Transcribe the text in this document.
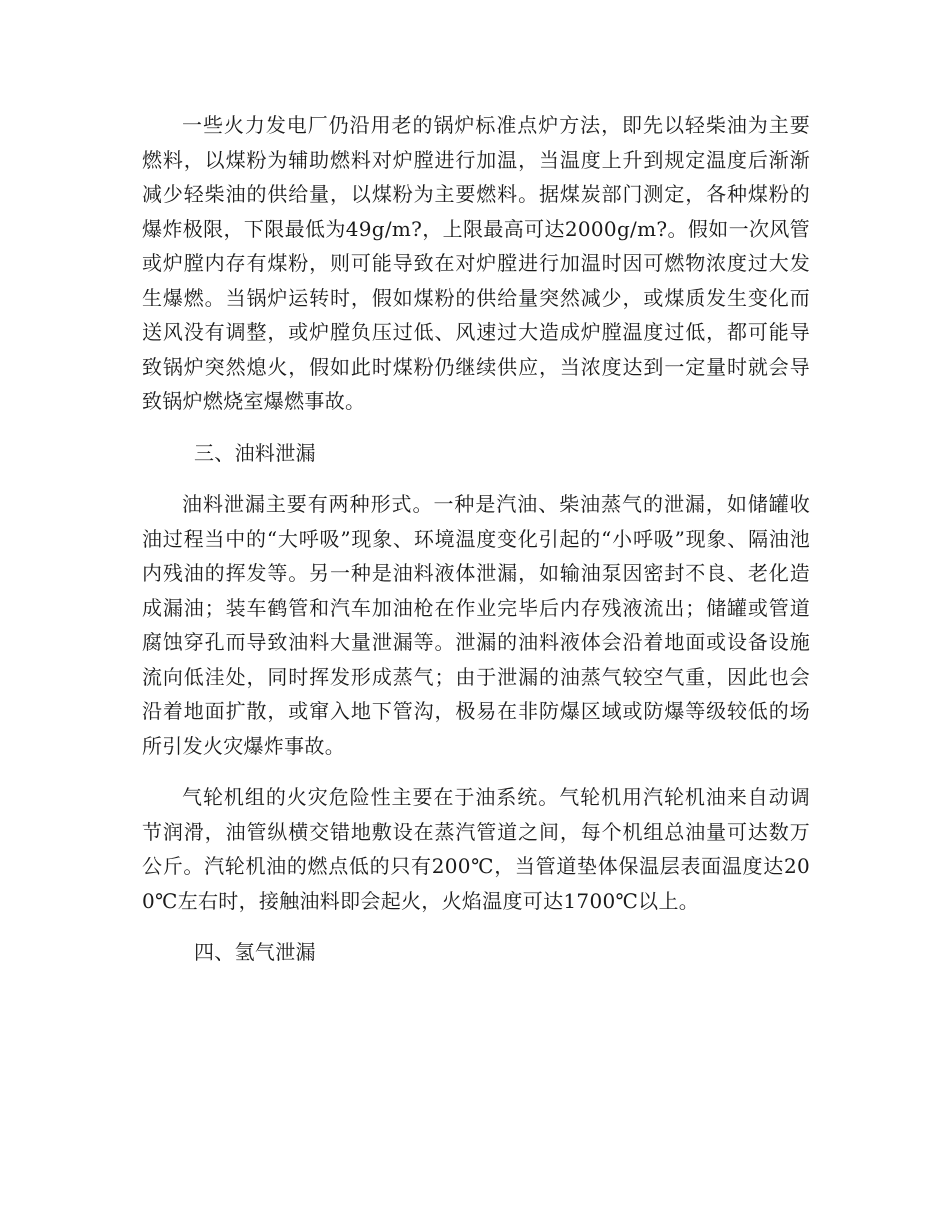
一些火力发电厂仍沿用老的锅炉标准点炉方法，即先以轻柴油为主要燃料，以煤粉为辅助燃料对炉膛进行加温，当温度上升到规定温度后渐渐减少轻柴油的供给量，以煤粉为主要燃料。据煤炭部门测定，各种煤粉的爆炸极限，下限最低为49g/m?，上限最高可达2000g/m?。假如一次风管或炉膛内存有煤粉，则可能导致在对炉膛进行加温时因可燃物浓度过大发生爆燃。当锅炉运转时，假如煤粉的供给量突然减少，或煤质发生变化而送风没有调整，或炉膛负压过低、风速过大造成炉膛温度过低，都可能导致锅炉突然熄火，假如此时煤粉仍继续供应，当浓度达到一定量时就会导致锅炉燃烧室爆燃事故。

三、油料泄漏

油料泄漏主要有两种形式。一种是汽油、柴油蒸气的泄漏，如储罐收油过程当中的“大呼吸”现象、环境温度变化引起的“小呼吸”现象、隔油池内残油的挥发等。另一种是油料液体泄漏，如输油泵因密封不良、老化造成漏油；装车鹤管和汽车加油枪在作业完毕后内存残液流出；储罐或管道腐蚀穿孔而导致油料大量泄漏等。泄漏的油料液体会沿着地面或设备设施流向低洼处，同时挥发形成蒸气；由于泄漏的油蒸气较空气重，因此也会沿着地面扩散，或窜入地下管沟，极易在非防爆区域或防爆等级较低的场所引发火灾爆炸事故。

气轮机组的火灾危险性主要在于油系统。气轮机用汽轮机油来自动调节润滑，油管纵横交错地敷设在蒸汽管道之间，每个机组总油量可达数万公斤。汽轮机油的燃点低的只有200℃，当管道垫体保温层表面温度达200℃左右时，接触油料即会起火，火焰温度可达1700℃以上。

四、氢气泄漏
